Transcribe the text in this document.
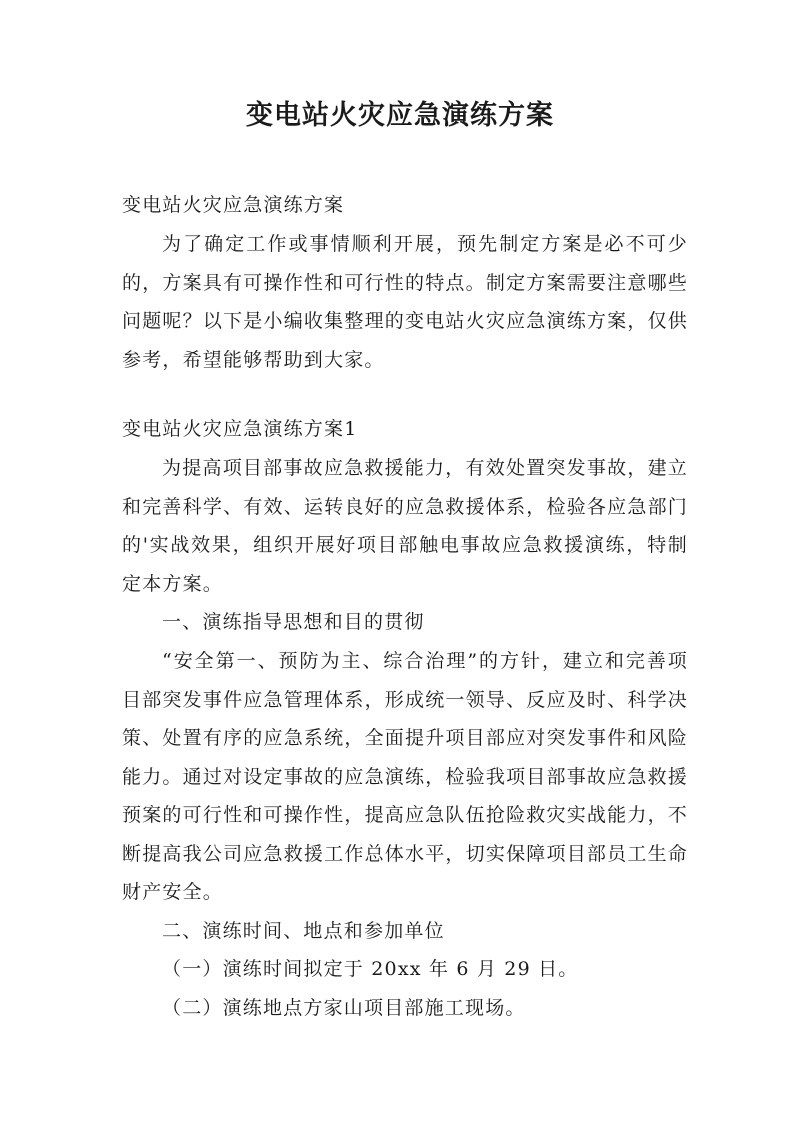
变电站火灾应急演练方案

变电站火灾应急演练方案

为了确定工作或事情顺利开展，预先制定方案是必不可少的，方案具有可操作性和可行性的特点。制定方案需要注意哪些问题呢？以下是小编收集整理的变电站火灾应急演练方案，仅供参考，希望能够帮助到大家。

变电站火灾应急演练方案1

为提高项目部事故应急救援能力，有效处置突发事故，建立和完善科学、有效、运转良好的应急救援体系，检验各应急部门的'实战效果，组织开展好项目部触电事故应急救援演练，特制定本方案。

一、演练指导思想和目的贯彻

“安全第一、预防为主、综合治理”的方针，建立和完善项目部突发事件应急管理体系，形成统一领导、反应及时、科学决策、处置有序的应急系统，全面提升项目部应对突发事件和风险能力。通过对设定事故的应急演练，检验我项目部事故应急救援预案的可行性和可操作性，提高应急队伍抢险救灾实战能力，不断提高我公司应急救援工作总体水平，切实保障项目部员工生命财产安全。

二、演练时间、地点和参加单位

（一）演练时间拟定于 20xx 年 6 月 29 日。

（二）演练地点方家山项目部施工现场。
